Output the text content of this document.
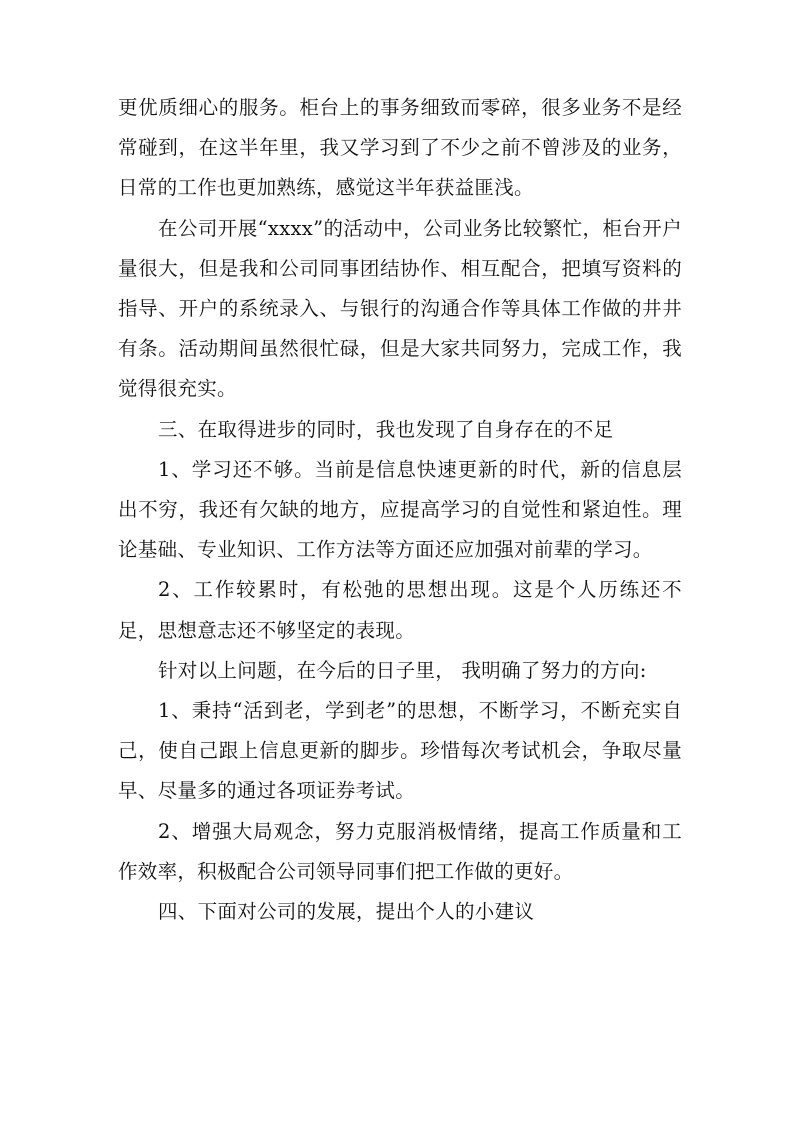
更优质细心的服务。柜台上的事务细致而零碎，很多业务不是经常碰到，在这半年里，我又学习到了不少之前不曾涉及的业务，日常的工作也更加熟练，感觉这半年获益匪浅。

在公司开展“xxxx”的活动中，公司业务比较繁忙，柜台开户量很大，但是我和公司同事团结协作、相互配合，把填写资料的指导、开户的系统录入、与银行的沟通合作等具体工作做的井井有条。活动期间虽然很忙碌，但是大家共同努力，完成工作，我觉得很充实。

三、在取得进步的同时，我也发现了自身存在的不足

1、学习还不够。当前是信息快速更新的时代，新的信息层出不穷，我还有欠缺的地方，应提高学习的自觉性和紧迫性。理论基础、专业知识、工作方法等方面还应加强对前辈的学习。

2、工作较累时，有松弛的思想出现。这是个人历练还不足，思想意志还不够坚定的表现。

针对以上问题，在今后的日子里， 我明确了努力的方向:

1、秉持“活到老，学到老”的思想，不断学习，不断充实自己，使自己跟上信息更新的脚步。珍惜每次考试机会，争取尽量早、尽量多的通过各项证券考试。

2、增强大局观念，努力克服消极情绪，提高工作质量和工作效率，积极配合公司领导同事们把工作做的更好。

四、下面对公司的发展，提出个人的小建议
